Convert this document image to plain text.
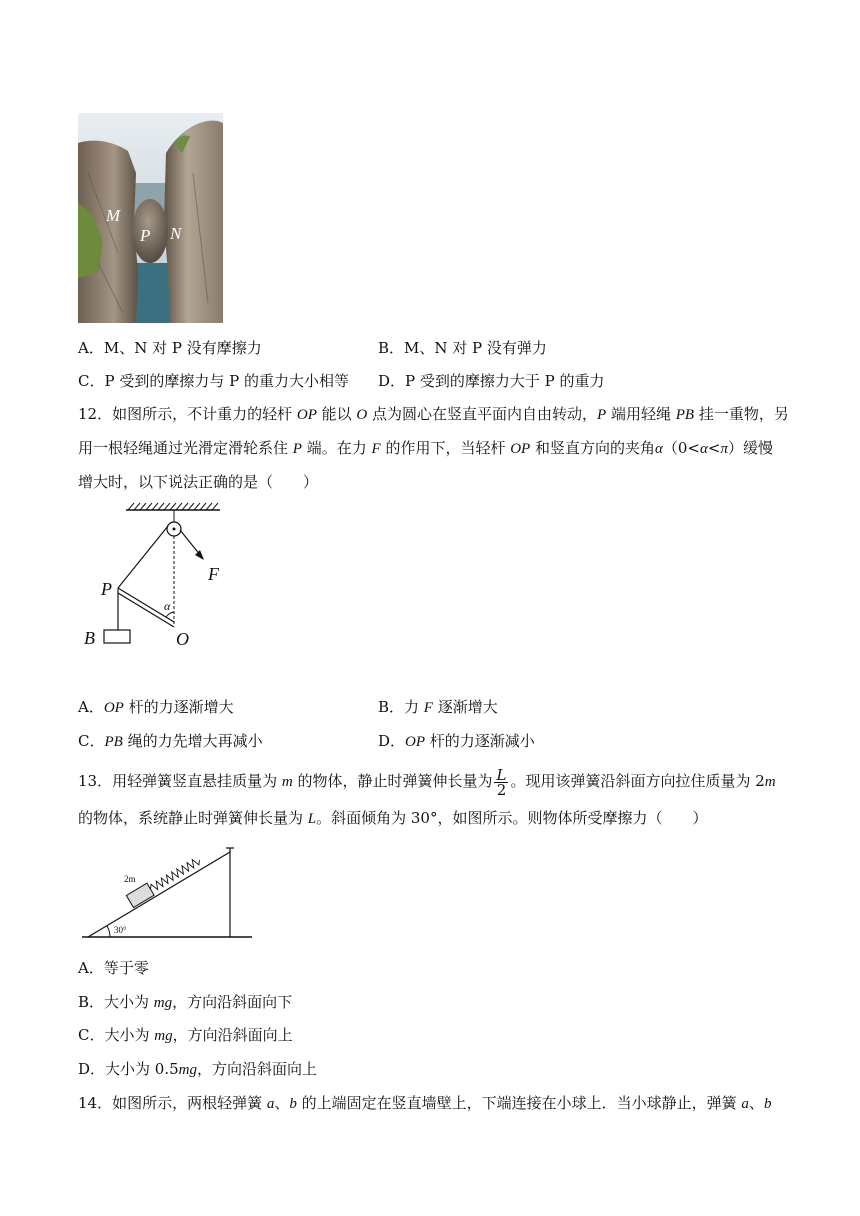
M
P N
A．M、N 对 P 没有摩擦力	B．M、N 对 P 没有弹力
C．P 受到的摩擦力与 P 的重力大小相等 D．P 受到的摩擦力大于 P 的重力
12．如图所示，不计重力的轻杆 OP 能以 O 点为圆心在竖直平面内自由转动，P 端用轻绳 PB 挂一重物，另
用一根轻绳通过光滑定滑轮系住 P 端。在力 F 的作用下，当轻杆 OP 和竖直方向的夹角α（0<α<π）缓慢
增大时，以下说法正确的是（　　）
P
F
α
B	O
A．OP 杆的力逐渐增大	B．力 F 逐渐增大
C．PB 绳的力先增大再减小	D．OP 杆的力逐渐减小
13．用轻弹簧竖直悬挂质量为 m 的物体，静止时弹簧伸长量为 $\frac{L}{2}$ 。现用该弹簧沿斜面方向拉住质量为 2m
的物体，系统静止时弹簧伸长量为 L。斜面倾角为 30°，如图所示。则物体所受摩擦力（　　）
2m
30°
A．等于零
B．大小为 mg，方向沿斜面向下
C．大小为 mg，方向沿斜面向上
D．大小为 0.5mg，方向沿斜面向上
14．如图所示，两根轻弹簧 a、b 的上端固定在竖直墙壁上，下端连接在小球上．当小球静止，弹簧 a、b
